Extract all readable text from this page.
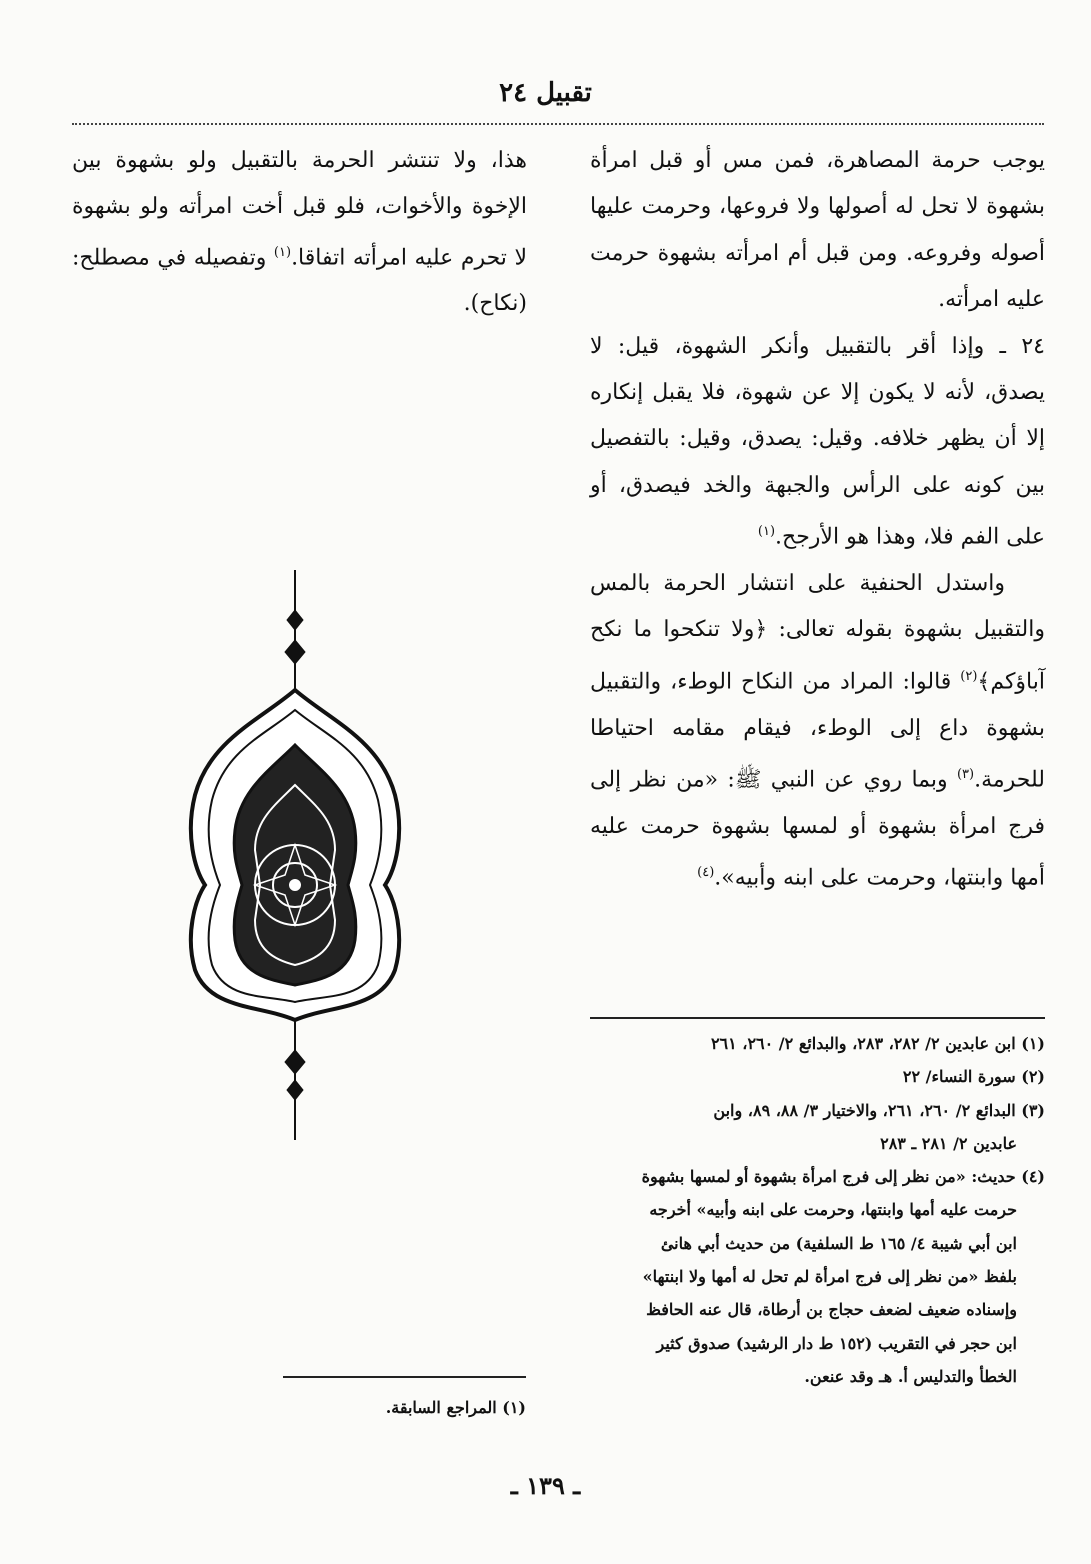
تقبيل ٢٤

يوجب حرمة المصاهرة، فمن مس أو قبل امرأة بشهوة لا تحل له أصولها ولا فروعها، وحرمت عليها أصوله وفروعه. ومن قبل أم امرأته بشهوة حرمت عليه امرأته.

٢٤ ـ وإذا أقر بالتقبيل وأنكر الشهوة، قيل: لا يصدق، لأنه لا يكون إلا عن شهوة، فلا يقبل إنكاره إلا أن يظهر خلافه. وقيل: يصدق، وقيل: بالتفصيل بين كونه على الرأس والجبهة والخد فيصدق، أو على الفم فلا، وهذا هو الأرجح.$^{(١)}$

واستدل الحنفية على انتشار الحرمة بالمس والتقبيل بشهوة بقوله تعالى: ﴿ولا تنكحوا ما نكح آباؤكم﴾$^{(٢)}$ قالوا: المراد من النكاح الوطء، والتقبيل بشهوة داع إلى الوطء، فيقام مقامه احتياطا للحرمة.$^{(٣)}$ وبما روي عن النبي ﷺ: «من نظر إلى فرج امرأة بشهوة أو لمسها بشهوة حرمت عليه أمها وابنتها، وحرمت على ابنه وأبيه».$^{(٤)}$

هذا، ولا تنتشر الحرمة بالتقبيل ولو بشهوة بين الإخوة والأخوات، فلو قبل أخت امرأته ولو بشهوة لا تحرم عليه امرأته اتفاقا.$^{(١)}$ وتفصيله في مصطلح: (نكاح).

(١) ابن عابدين ٢/ ٢٨٢، ٢٨٣، والبدائع ٢/ ٢٦٠، ٢٦١
(٢) سورة النساء/ ٢٢
(٣) البدائع ٢/ ٢٦٠، ٢٦١، والاختيار ٣/ ٨٨، ٨٩، وابن
عابدين ٢/ ٢٨١ ـ ٢٨٣
(٤) حديث: «من نظر إلى فرج امرأة بشهوة أو لمسها بشهوة
حرمت عليه أمها وابنتها، وحرمت على ابنه وأبيه» أخرجه
ابن أبي شيبة ٤/ ١٦٥ ط السلفية) من حديث أبي هانئ
بلفظ «من نظر إلى فرج امرأة لم تحل له أمها ولا ابنتها»
وإسناده ضعيف لضعف حجاج بن أرطاة، قال عنه الحافظ
ابن حجر في التقريب (١٥٢ ط دار الرشيد) صدوق كثير
الخطأ والتدليس أ. هـ وقد عنعن.
(١) المراجع السابقة.
ـ ١٣٩ ـ
